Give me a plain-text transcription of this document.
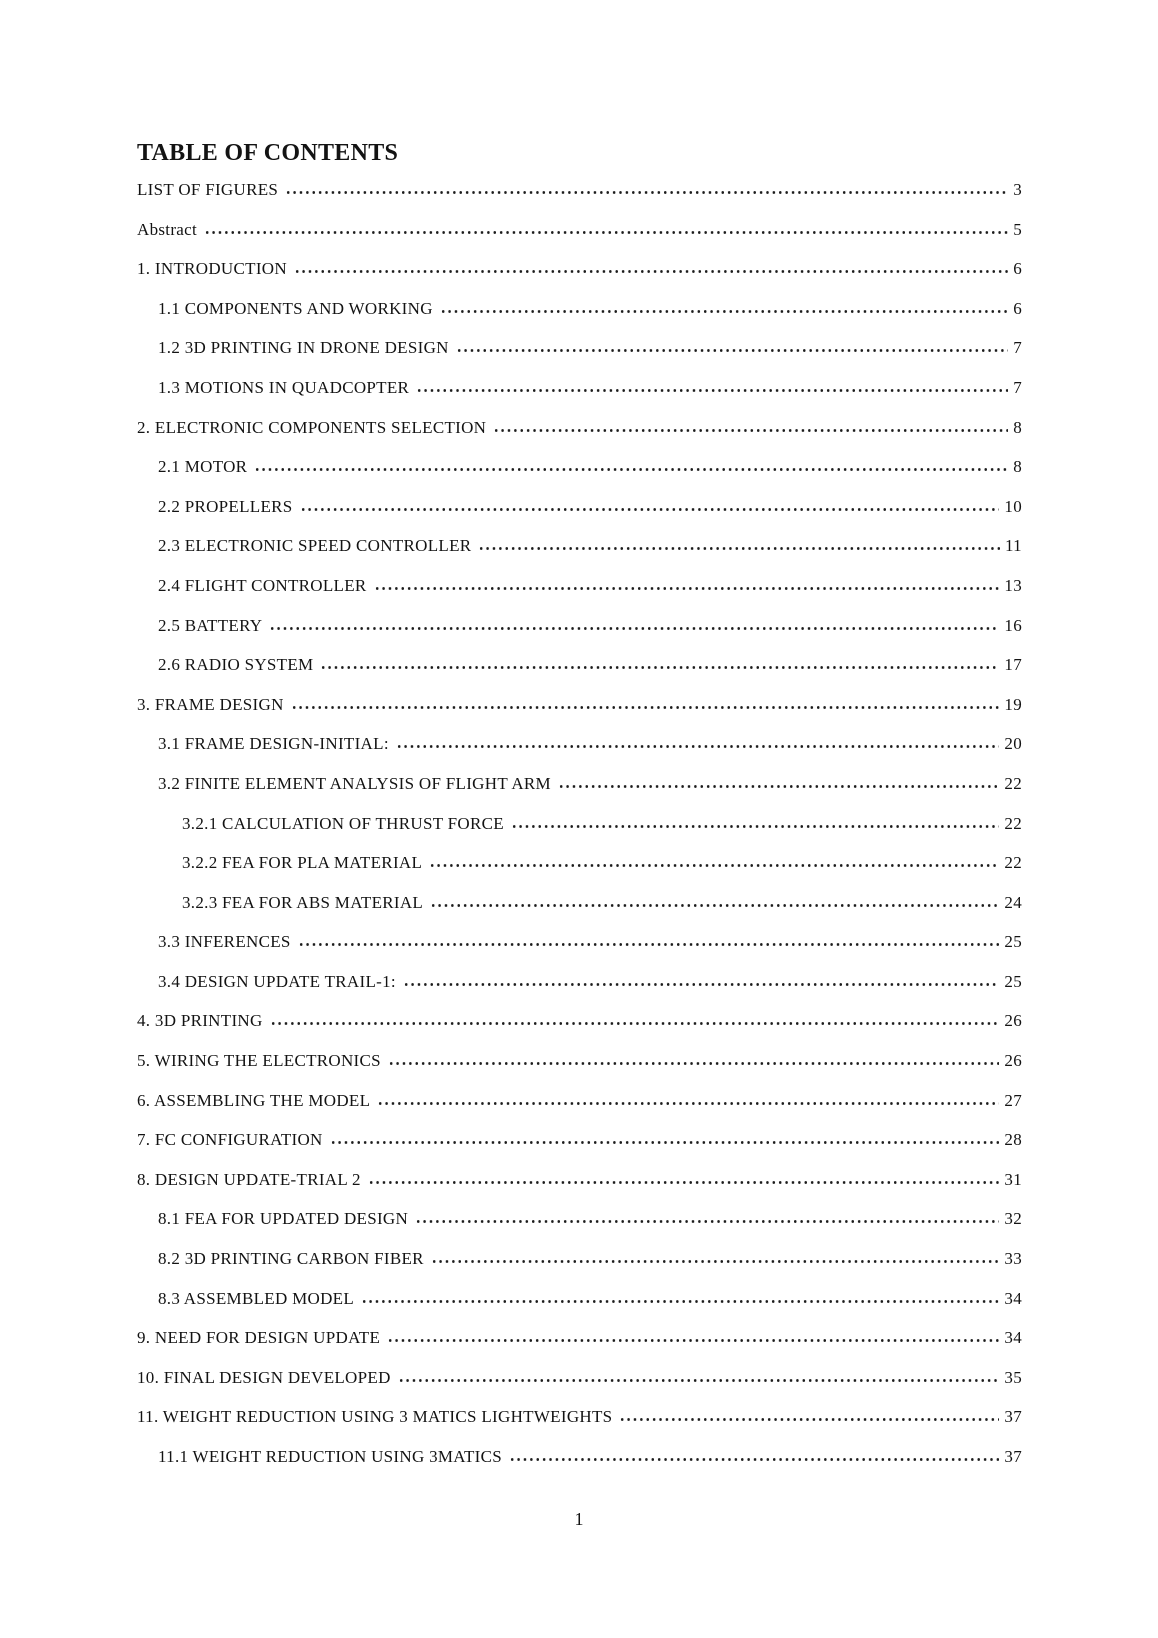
TABLE OF CONTENTS
LIST OF FIGURES	3
Abstract	5
1. INTRODUCTION	6
1.1 COMPONENTS AND WORKING	6
1.2 3D PRINTING IN DRONE DESIGN	7
1.3 MOTIONS IN QUADCOPTER	7
2. ELECTRONIC COMPONENTS SELECTION	8
2.1 MOTOR	8
2.2 PROPELLERS	10
2.3 ELECTRONIC SPEED CONTROLLER	11
2.4 FLIGHT CONTROLLER	13
2.5 BATTERY	16
2.6 RADIO SYSTEM	17
3. FRAME DESIGN	19
3.1 FRAME DESIGN-INITIAL:	20
3.2 FINITE ELEMENT ANALYSIS OF FLIGHT ARM	22
3.2.1 CALCULATION OF THRUST FORCE	22
3.2.2 FEA FOR PLA MATERIAL	22
3.2.3 FEA FOR ABS MATERIAL	24
3.3 INFERENCES	25
3.4 DESIGN UPDATE TRAIL-1:	25
4. 3D PRINTING	26
5. WIRING THE ELECTRONICS	26
6. ASSEMBLING THE MODEL	27
7. FC CONFIGURATION	28
8. DESIGN UPDATE-TRIAL 2	31
8.1 FEA FOR UPDATED DESIGN	32
8.2 3D PRINTING CARBON FIBER	33
8.3 ASSEMBLED MODEL	34
9. NEED FOR DESIGN UPDATE	34
10. FINAL DESIGN DEVELOPED	35
11. WEIGHT REDUCTION USING 3 MATICS LIGHTWEIGHTS	37
11.1 WEIGHT REDUCTION USING 3MATICS	37
1
